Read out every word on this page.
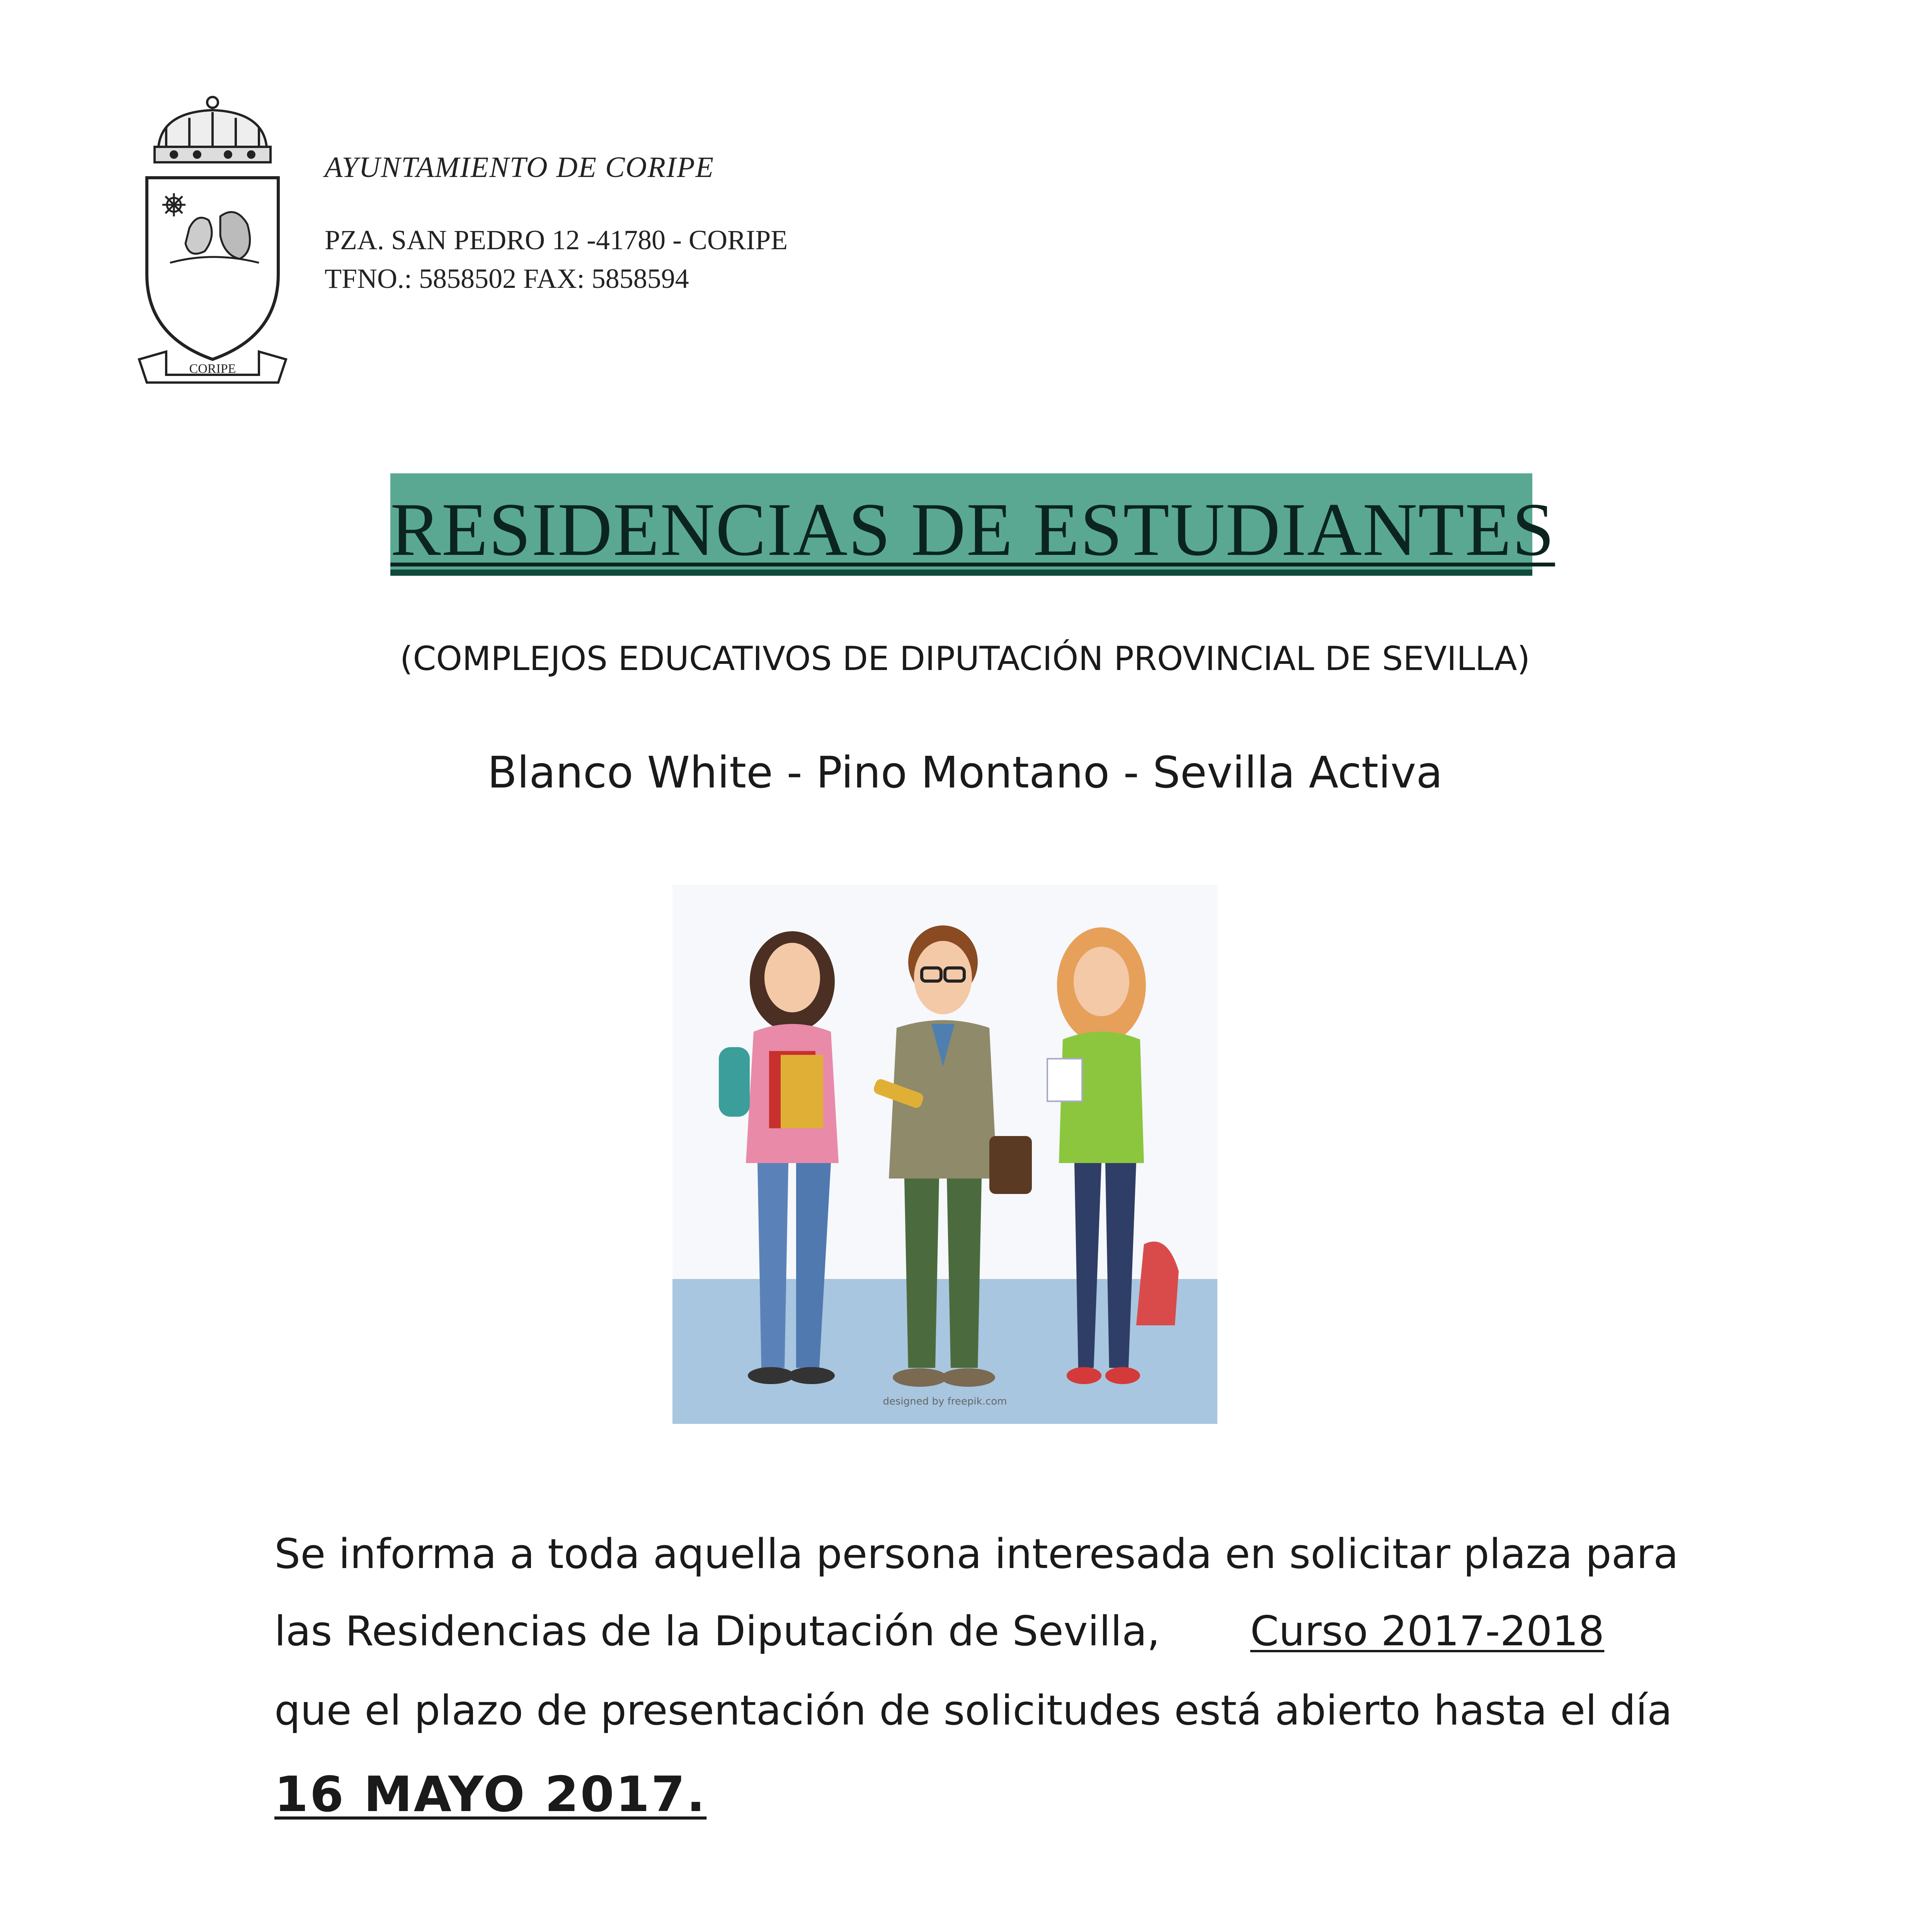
CORIPE
AYUNTAMIENTO DE CORIPE
PZA. SAN PEDRO 12 -41780 - CORIPE
TFNO.: 5858502 FAX: 5858594
RESIDENCIAS DE ESTUDIANTES
(COMPLEJOS EDUCATIVOS DE DIPUTACIÓN PROVINCIAL DE SEVILLA)
Blanco White - Pino Montano - Sevilla Activa
designed by freepik.com
Se informa a toda aquella persona interesada en solicitar plaza para
las Residencias de la Diputación de Sevilla, Curso 2017-2018
que el plazo de presentación de solicitudes está abierto hasta el día
16 MAYO 2017.
